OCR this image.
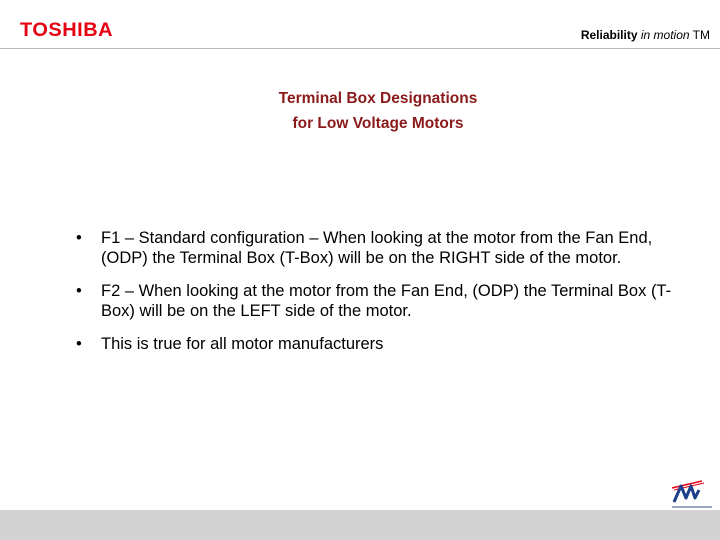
TOSHIBA	Reliability in motion TM
Terminal Box Designations
for Low Voltage Motors
• F1 – Standard configuration – When looking at the motor from the Fan End, (ODP) the Terminal Box (T-Box) will be on the RIGHT side of the motor.
• F2 – When looking at the motor from the Fan End, (ODP) the Terminal Box (T-Box) will be on the LEFT side of the motor.
• This is true for all motor manufacturers
